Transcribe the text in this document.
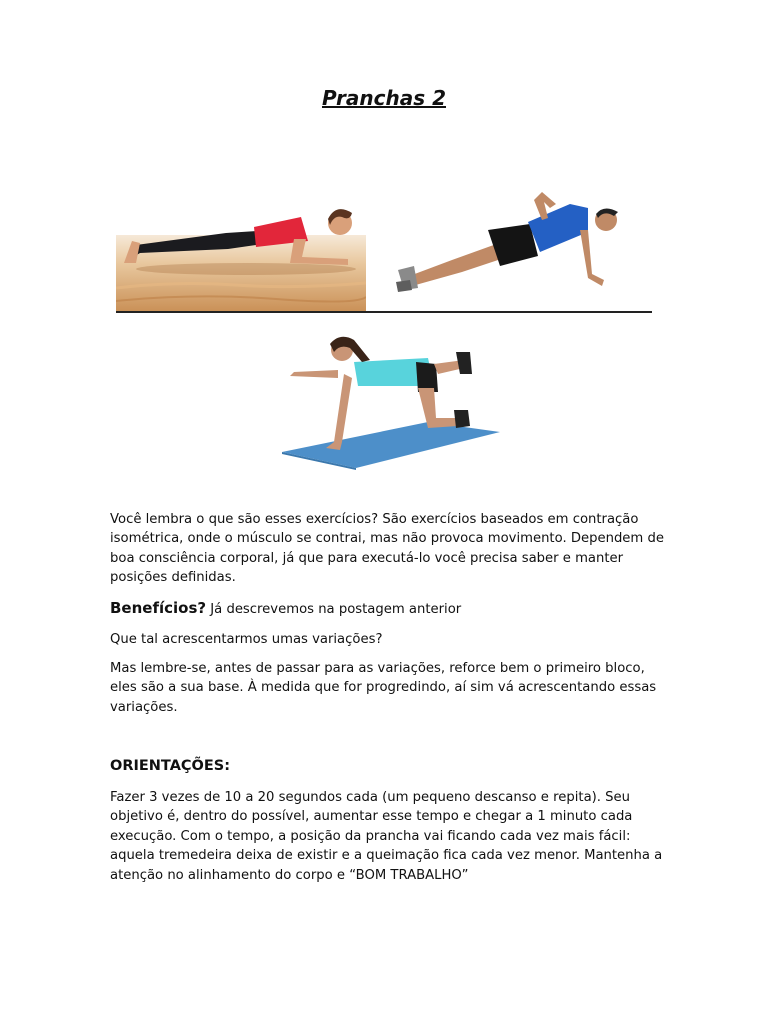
Pranchas 2

Você lembra o que são esses exercícios? São exercícios baseados em contração isométrica, onde o músculo se contrai, mas não provoca movimento. Dependem de boa consciência corporal, já que para executá-lo você precisa saber e manter posições definidas.

Benefícios? Já descrevemos na postagem anterior

Que tal acrescentarmos umas variações?

Mas lembre-se, antes de passar para as variações, reforce bem o primeiro bloco, eles são a sua base. À medida que for progredindo, aí sim vá acrescentando essas variações.

ORIENTAÇÕES:

Fazer 3 vezes de 10 a 20 segundos cada (um pequeno descanso e repita). Seu objetivo é, dentro do possível, aumentar esse tempo e chegar a 1 minuto cada execução. Com o tempo, a posição da prancha vai ficando cada vez mais fácil: aquela tremedeira deixa de existir e a queimação fica cada vez menor. Mantenha a atenção no alinhamento do corpo e “BOM TRABALHO”
